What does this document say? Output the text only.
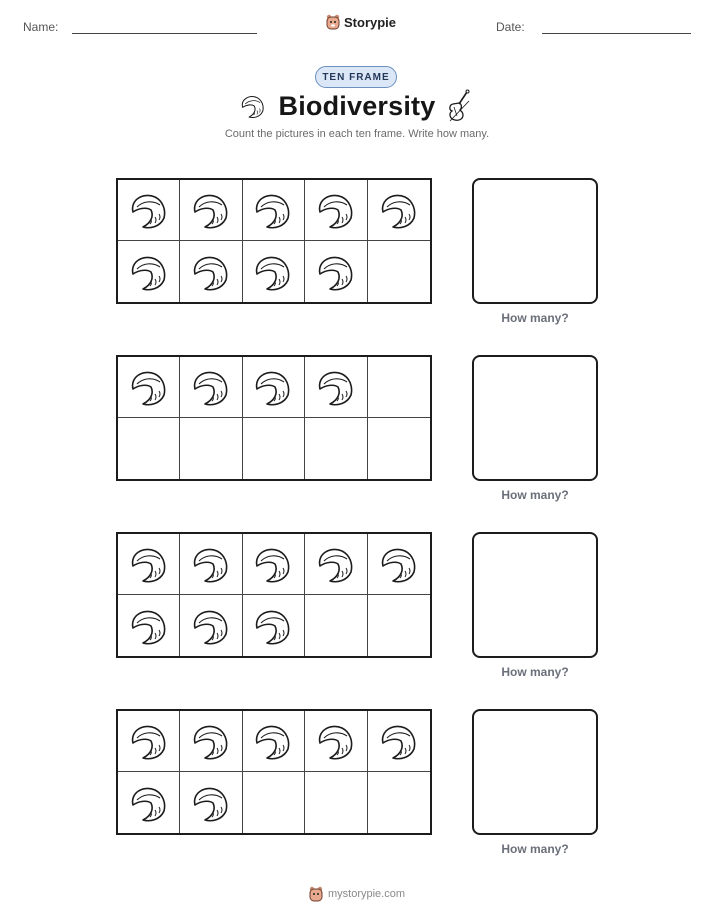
Name:	Storypie	Date:
TEN FRAME
Biodiversity
Count the pictures in each ten frame. Write how many.
How many?
How many?
How many?
How many?
mystorypie.com
